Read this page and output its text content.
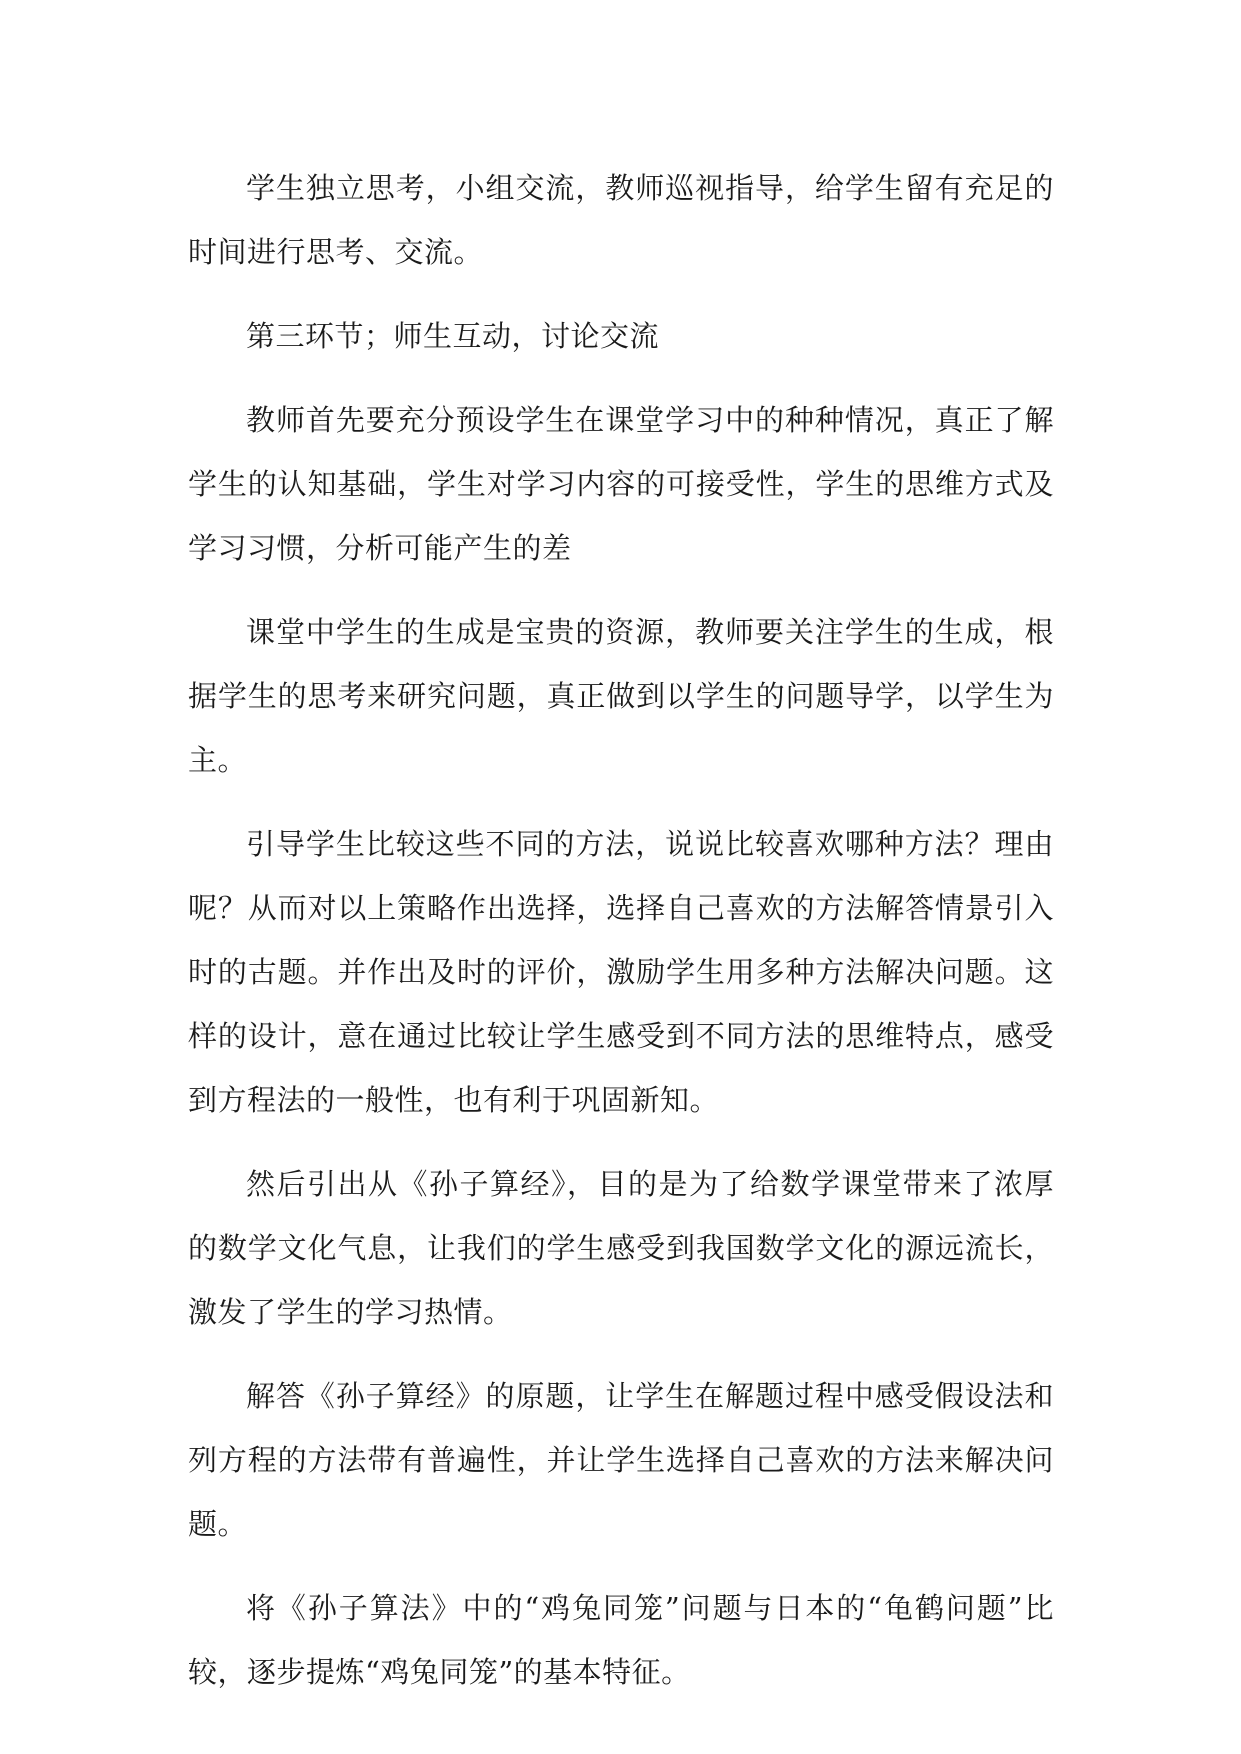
学生独立思考，小组交流，教师巡视指导，给学生留有充足的时间进行思考、交流。

第三环节；师生互动，讨论交流

教师首先要充分预设学生在课堂学习中的种种情况，真正了解学生的认知基础，学生对学习内容的可接受性，学生的思维方式及学习习惯，分析可能产生的差

课堂中学生的生成是宝贵的资源，教师要关注学生的生成，根据学生的思考来研究问题，真正做到以学生的问题导学，以学生为主。

引导学生比较这些不同的方法，说说比较喜欢哪种方法？理由呢？从而对以上策略作出选择，选择自己喜欢的方法解答情景引入时的古题。并作出及时的评价，激励学生用多种方法解决问题。这样的设计，意在通过比较让学生感受到不同方法的思维特点，感受到方程法的一般性，也有利于巩固新知。

然后引出从《孙子算经》，目的是为了给数学课堂带来了浓厚的数学文化气息，让我们的学生感受到我国数学文化的源远流长，激发了学生的学习热情。

解答《孙子算经》的原题，让学生在解题过程中感受假设法和列方程的方法带有普遍性，并让学生选择自己喜欢的方法来解决问题。

将《孙子算法》中的“鸡兔同笼”问题与日本的“龟鹤问题”比较，逐步提炼“鸡兔同笼”的基本特征。
